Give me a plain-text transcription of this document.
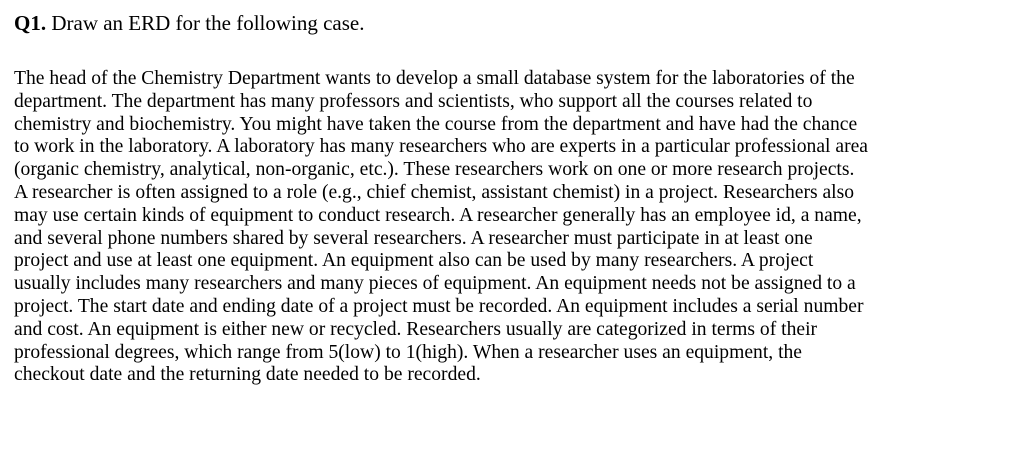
Q1. Draw an ERD for the following case.

The head of the Chemistry Department wants to develop a small database system for the laboratories of the
department. The department has many professors and scientists, who support all the courses related to
chemistry and biochemistry. You might have taken the course from the department and have had the chance
to work in the laboratory. A laboratory has many researchers who are experts in a particular professional area
(organic chemistry, analytical, non-organic, etc.). These researchers work on one or more research projects.
A researcher is often assigned to a role (e.g., chief chemist, assistant chemist) in a project. Researchers also
may use certain kinds of equipment to conduct research. A researcher generally has an employee id, a name,
and several phone numbers shared by several researchers. A researcher must participate in at least one
project and use at least one equipment. An equipment also can be used by many researchers. A project
usually includes many researchers and many pieces of equipment. An equipment needs not be assigned to a
project. The start date and ending date of a project must be recorded. An equipment includes a serial number
and cost. An equipment is either new or recycled. Researchers usually are categorized in terms of their
professional degrees, which range from 5(low) to 1(high). When a researcher uses an equipment, the
checkout date and the returning date needed to be recorded.
